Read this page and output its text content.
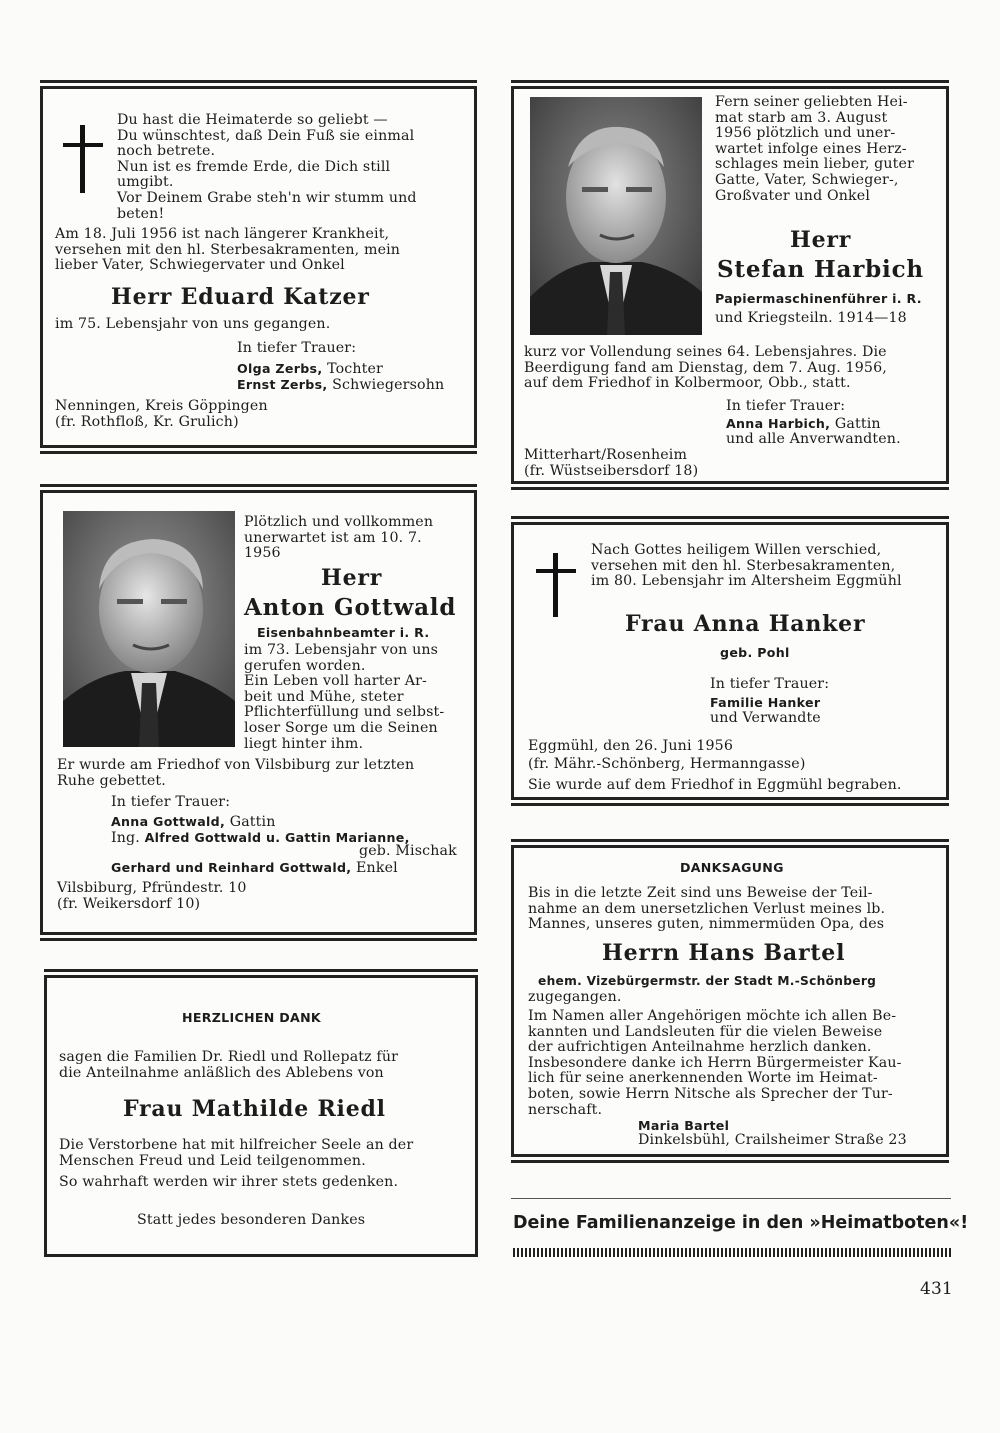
Du hast die Heimaterde so geliebt —
Du wünschtest, daß Dein Fuß sie einmal
noch betrete.
Nun ist es fremde Erde, die Dich still
umgibt.
Vor Deinem Grabe steh'n wir stumm und
beten!
Am 18. Juli 1956 ist nach längerer Krankheit,
versehen mit den hl. Sterbesakramenten, mein
lieber Vater, Schwiegervater und Onkel
Herr Eduard Katzer
im 75. Lebensjahr von uns gegangen.
In tiefer Trauer:
Olga Zerbs, Tochter
Ernst Zerbs, Schwiegersohn
Nenningen, Kreis Göppingen
(fr. Rothfloß, Kr. Grulich)
Fern seiner geliebten Hei-
mat starb am 3. August
1956 plötzlich und uner-
wartet infolge eines Herz-
schlages mein lieber, guter
Gatte, Vater, Schwieger-,
Großvater und Onkel
Herr
Stefan Harbich
Papiermaschinenführer i. R.
und Kriegsteiln. 1914—18
kurz vor Vollendung seines 64. Lebensjahres. Die
Beerdigung fand am Dienstag, dem 7. Aug. 1956,
auf dem Friedhof in Kolbermoor, Obb., statt.
In tiefer Trauer:
Anna Harbich, Gattin
und alle Anverwandten.
Mitterhart/Rosenheim
(fr. Wüstseibersdorf 18)
Plötzlich und vollkommen
unerwartet ist am 10. 7.
1956
Herr
Anton Gottwald
Eisenbahnbeamter i. R.
im 73. Lebensjahr von uns
gerufen worden.
Ein Leben voll harter Ar-
beit und Mühe, steter
Pflichterfüllung und selbst-
loser Sorge um die Seinen
liegt hinter ihm.
Er wurde am Friedhof von Vilsbiburg zur letzten
Ruhe gebettet.
In tiefer Trauer:
Anna Gottwald, Gattin
Ing. Alfred Gottwald u. Gattin Marianne,
geb. Mischak
Gerhard und Reinhard Gottwald, Enkel
Vilsbiburg, Pfründestr. 10
(fr. Weikersdorf 10)
Nach Gottes heiligem Willen verschied,
versehen mit den hl. Sterbesakramenten,
im 80. Lebensjahr im Altersheim Eggmühl
Frau Anna Hanker
geb. Pohl
In tiefer Trauer:
Familie Hanker
und Verwandte
Eggmühl, den 26. Juni 1956
(fr. Mähr.-Schönberg, Hermanngasse)
Sie wurde auf dem Friedhof in Eggmühl begraben.
HERZLICHEN DANK
sagen die Familien Dr. Riedl und Rollepatz für
die Anteilnahme anläßlich des Ablebens von
Frau Mathilde Riedl
Die Verstorbene hat mit hilfreicher Seele an der
Menschen Freud und Leid teilgenommen.
So wahrhaft werden wir ihrer stets gedenken.
Statt jedes besonderen Dankes
DANKSAGUNG
Bis in die letzte Zeit sind uns Beweise der Teil-
nahme an dem unersetzlichen Verlust meines lb.
Mannes, unseres guten, nimmermüden Opa, des
Herrn Hans Bartel
ehem. Vizebürgermstr. der Stadt M.-Schönberg
zugegangen.
Im Namen aller Angehörigen möchte ich allen Be-
kannten und Landsleuten für die vielen Beweise
der aufrichtigen Anteilnahme herzlich danken.
Insbesondere danke ich Herrn Bürgermeister Kau-
lich für seine anerkennenden Worte im Heimat-
boten, sowie Herrn Nitsche als Sprecher der Tur-
nerschaft.
Maria Bartel
Dinkelsbühl, Crailsheimer Straße 23
Deine Familienanzeige in den »Heimatboten«!
431
